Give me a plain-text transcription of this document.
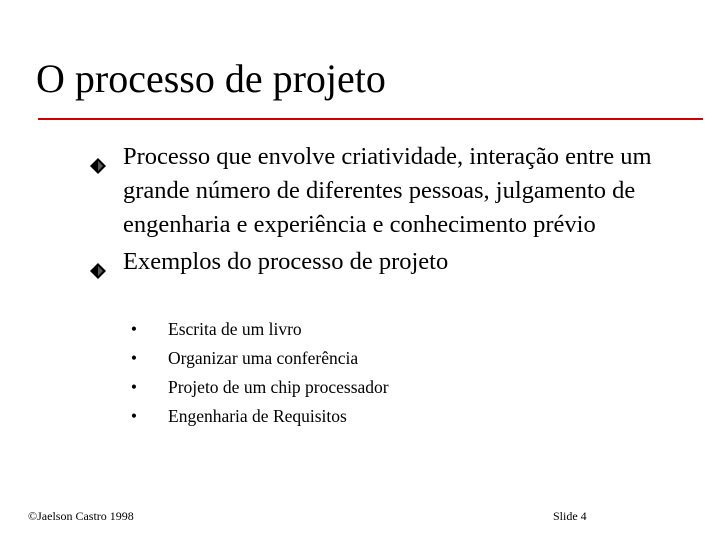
O processo de projeto
Processo que envolve criatividade, interação entre um grande número de diferentes pessoas, julgamento de engenharia e experiência e conhecimento prévio
Exemplos do processo de projeto
• Escrita de um livro
• Organizar uma conferência
• Projeto de um chip processador
• Engenharia de Requisitos
©Jaelson Castro 1998	Slide 4
